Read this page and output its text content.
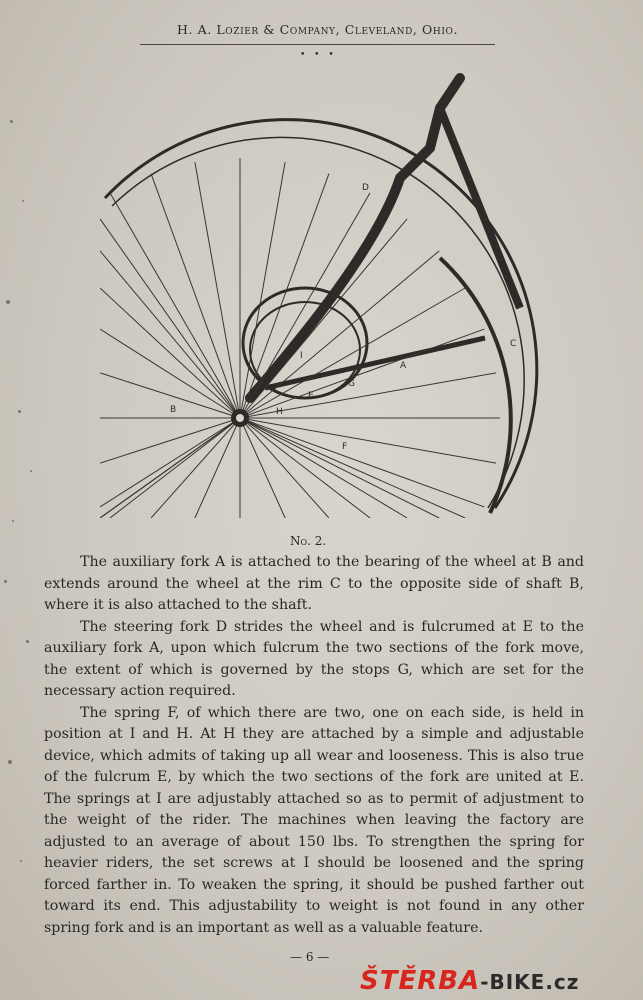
H. A. Lozier & Company, Cleveland, Ohio.
• • •
D
C
A
G
E
H
B
F
I
No. 2.

The auxiliary fork A is attached to the bearing of the wheel at B and extends around the wheel at the rim C to the opposite side of shaft B, where it is also attached to the shaft.

The steering fork D strides the wheel and is fulcrumed at E to the auxiliary fork A, upon which fulcrum the two sections of the fork move, the extent of which is governed by the stops G, which are set for the necessary action required.

The spring F, of which there are two, one on each side, is held in position at I and H. At H they are attached by a simple and adjustable device, which admits of taking up all wear and looseness. This is also true of the fulcrum E, by which the two sections of the fork are united at E. The springs at I are adjustably attached so as to permit of adjustment to the weight of the rider. The machines when leaving the factory are adjusted to an average of about 150 lbs. To strengthen the spring for heavier riders, the set screws at I should be loosened and the spring forced farther in. To weaken the spring, it should be pushed farther out toward its end. This adjustability to weight is not found in any other spring fork and is an important as well as a valuable feature.

— 6 —
ŠTĚRBA-BIKE.cz
